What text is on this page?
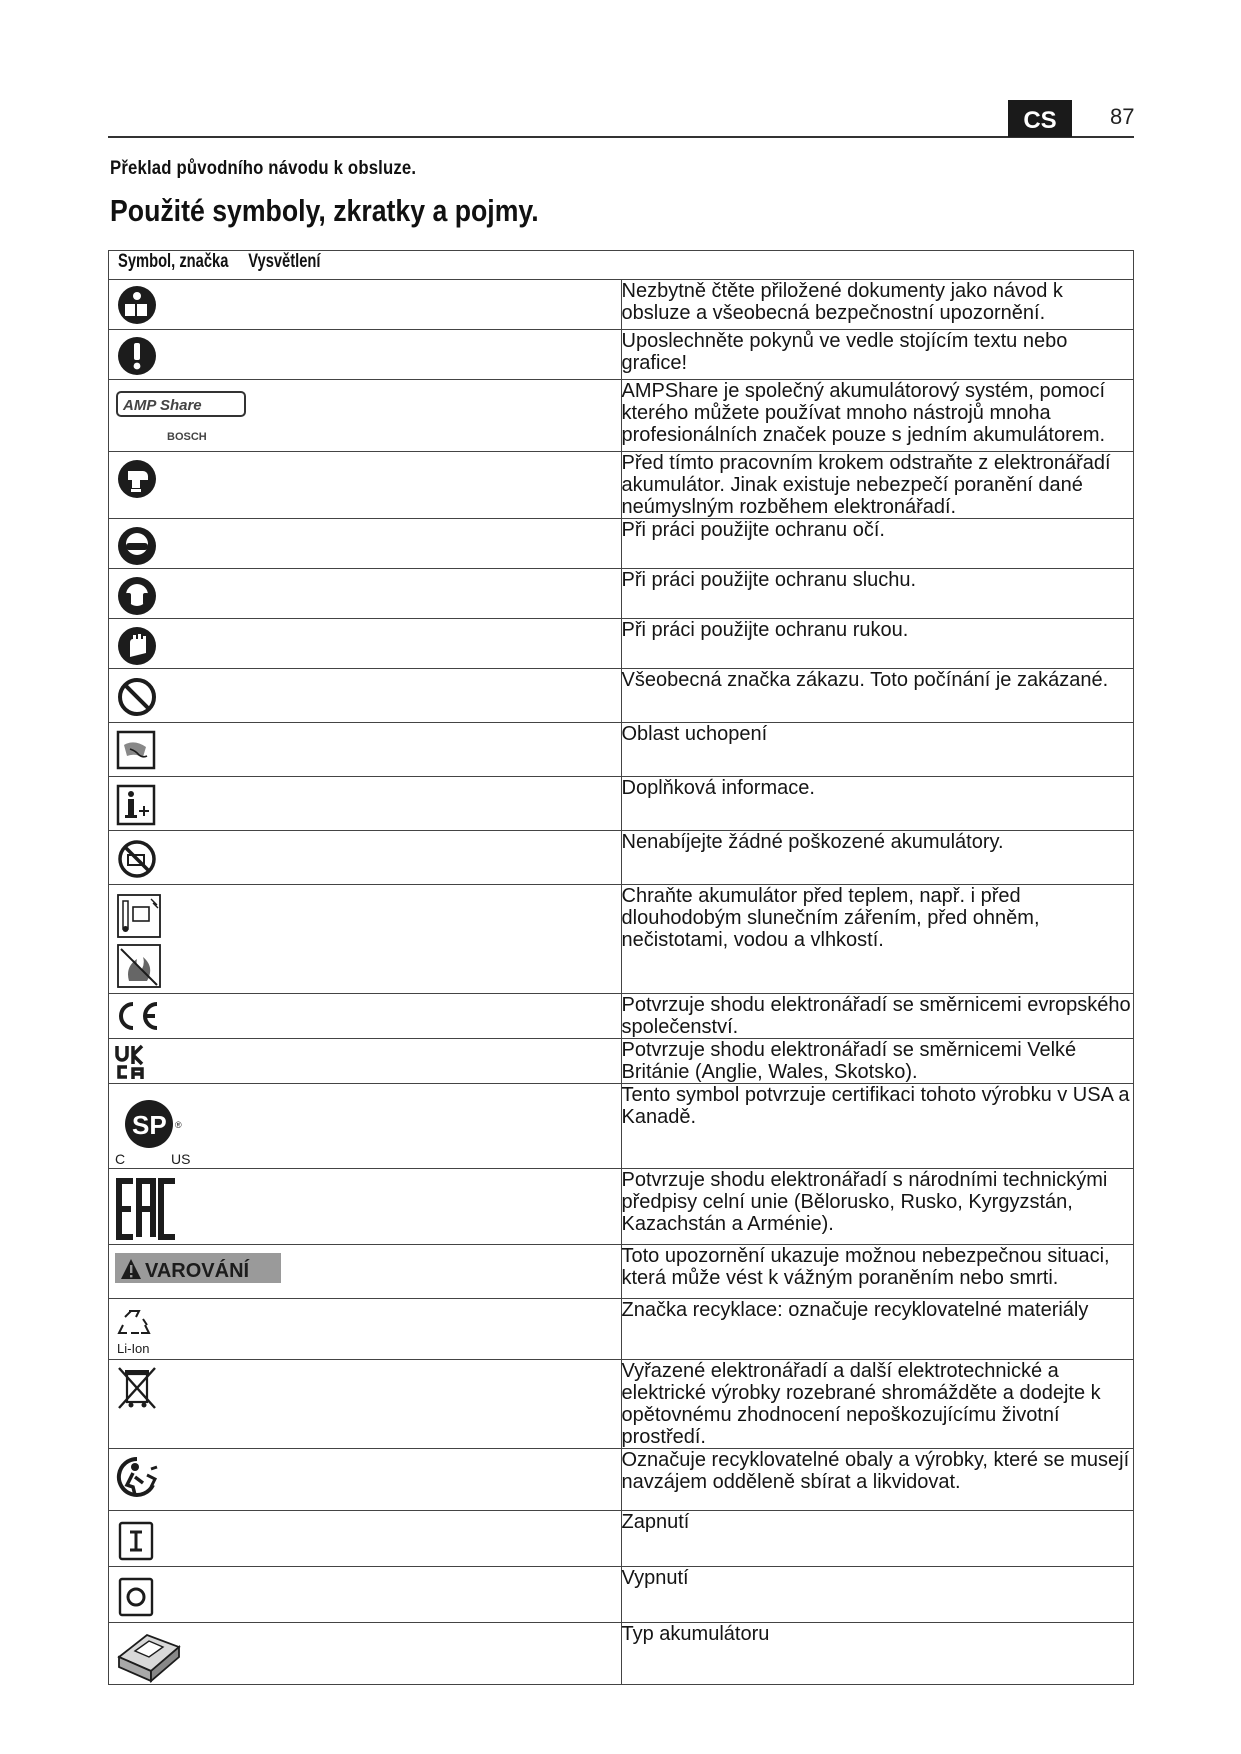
CS	87
Překlad původního návodu k obsluze.
Použité symboly, zkratky a pojmy.
Symbol, značka Vysvětlení	

	Nezbytně čtěte přiložené dokumenty jako návod k obsluze a všeobecná bezpečnostní upozornění.

	Uposlechněte pokynů ve vedle stojícím textu nebo grafice!

AMP Share
BOSCH	AMPShare je společný akumulátorový systém, pomocí kterého můžete používat mnoho nástrojů mnoha profesionálních značek pouze s jedním akumulátorem.

	Před tímto pracovním krokem odstraňte z elektronářadí akumulátor. Jinak existuje nebezpečí poranění dané neúmyslným rozběhem elektronářadí.

	Při práci použijte ochranu očí.

	Při práci použijte ochranu sluchu.

	Při práci použijte ochranu rukou.

	Všeobecná značka zákazu. Toto počínání je zakázané.

	Oblast uchopení

	Doplňková informace.

	Nenabíjejte žádné poškozené akumulátory.

	Chraňte akumulátor před teplem, např. i před dlouhodobým slunečním zářením, před ohněm, nečistotami, vodou a vlhkostí.

	Potvrzuje shodu elektronářadí se směrnicemi evropského společenství.

	Potvrzuje shodu elektronářadí se směrnicemi Velké Británie (Anglie, Wales, Skotsko).

SP ®
C US	Tento symbol potvrzuje certifikaci tohoto výrobku v USA a Kanadě.

	Potvrzuje shodu elektronářadí s národními technickými předpisy celní unie (Bělorusko, Rusko, Kyrgyzstán, Kazachstán a Arménie).

VAROVÁNÍ	Toto upozornění ukazuje možnou nebezpečnou situaci, která může vést k vážným poraněním nebo smrti.

Li-Ion	Značka recyklace: označuje recyklovatelné materiály

	Vyřazené elektronářadí a další elektrotechnické a elektrické výrobky rozebrané shromážděte a dodejte k opětovnému zhodnocení nepoškozujícímu životní prostředí.

	Označuje recyklovatelné obaly a výrobky, které se musejí navzájem odděleně sbírat a likvidovat.

	Zapnutí

	Vypnutí

	Typ akumulátoru
